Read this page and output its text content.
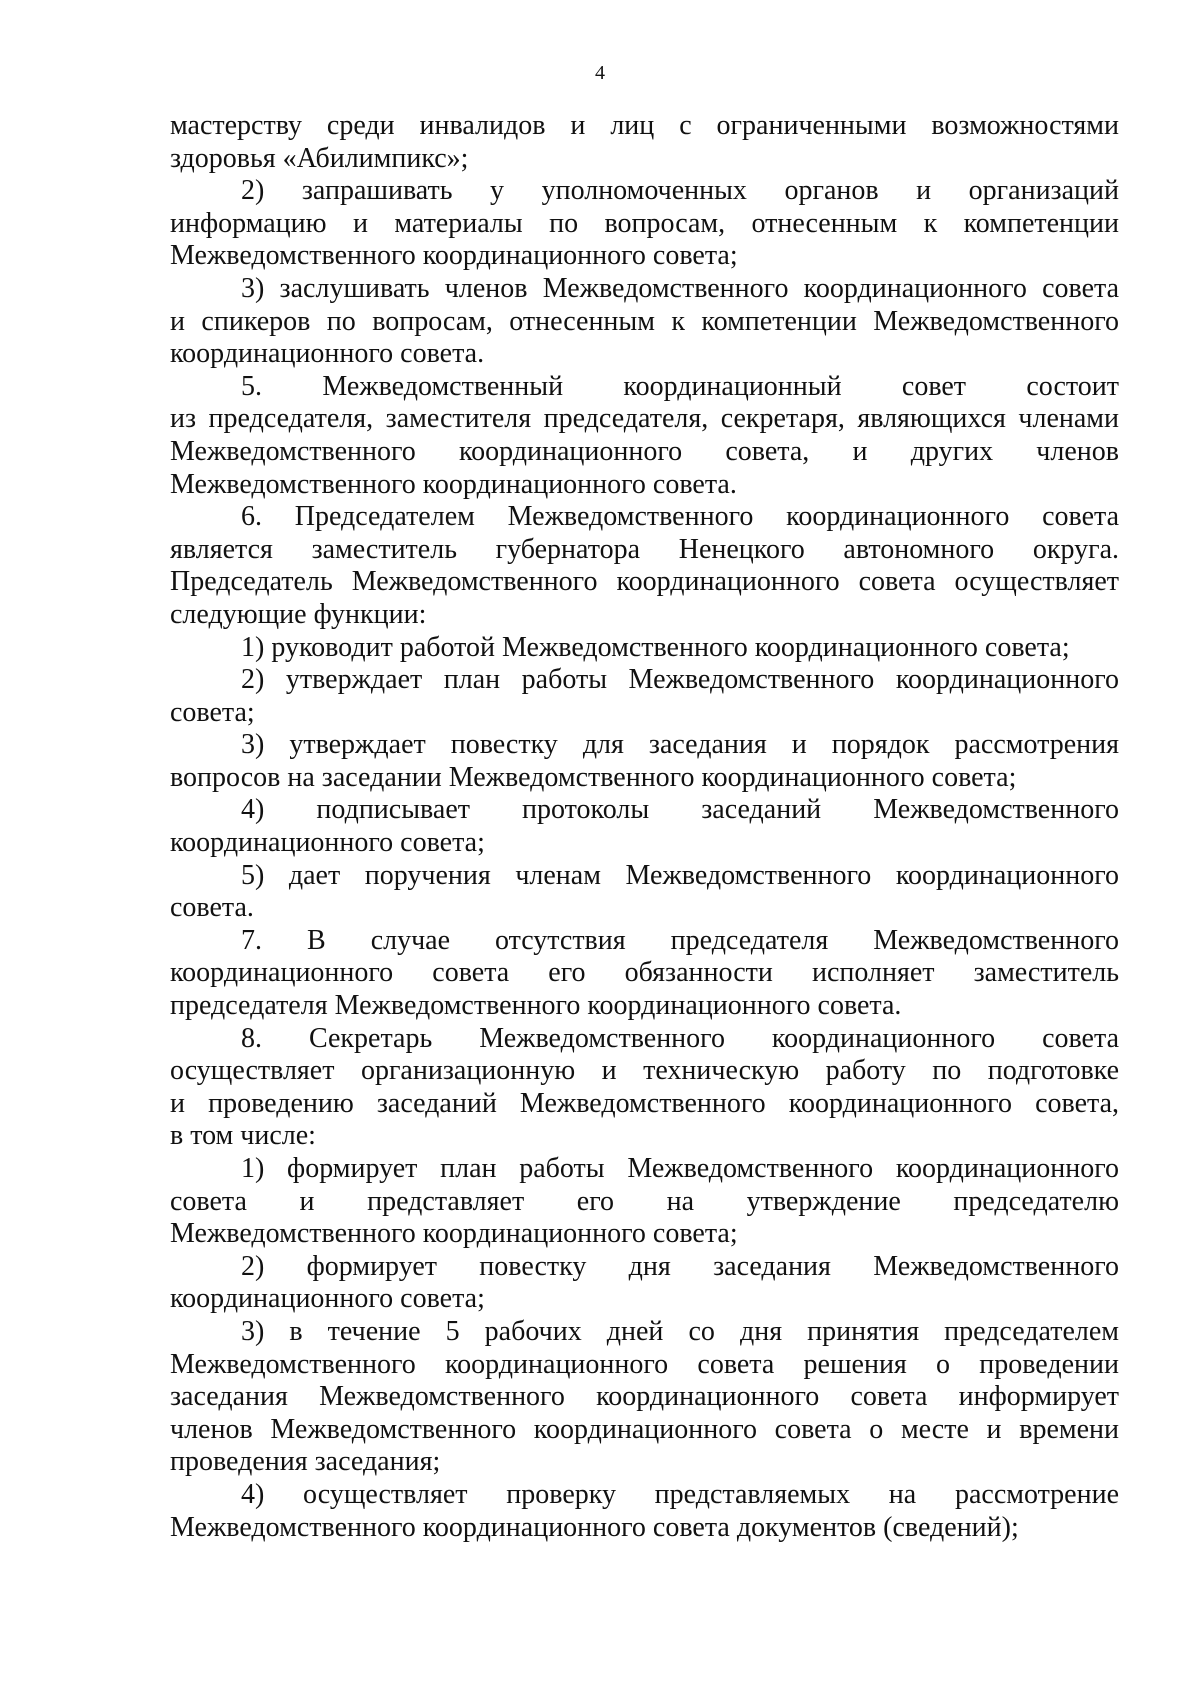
4

мастерству среди инвалидов и лиц с ограниченными возможностями

здоровья «Абилимпикс»;

2) запрашивать у уполномоченных органов и организаций

информацию и материалы по вопросам, отнесенным к компетенции

Межведомственного координационного совета;

3) заслушивать членов Межведомственного координационного совета

и спикеров по вопросам, отнесенным к компетенции Межведомственного

координационного совета.

5. Межведомственный координационный совет состоит

из председателя, заместителя председателя, секретаря, являющихся членами

Межведомственного координационного совета, и других членов

Межведомственного координационного совета.

6. Председателем Межведомственного координационного совета

является заместитель губернатора Ненецкого автономного округа.

Председатель Межведомственного координационного совета осуществляет

следующие функции:

1) руководит работой Межведомственного координационного совета;

2) утверждает план работы Межведомственного координационного

совета;

3) утверждает повестку для заседания и порядок рассмотрения

вопросов на заседании Межведомственного координационного совета;

4) подписывает протоколы заседаний Межведомственного

координационного совета;

5) дает поручения членам Межведомственного координационного

совета.

7. В случае отсутствия председателя Межведомственного

координационного совета его обязанности исполняет заместитель

председателя Межведомственного координационного совета.

8. Секретарь Межведомственного координационного совета

осуществляет организационную и техническую работу по подготовке

и проведению заседаний Межведомственного координационного совета,

в том числе:

1) формирует план работы Межведомственного координационного

совета и представляет его на утверждение председателю

Межведомственного координационного совета;

2) формирует повестку дня заседания Межведомственного

координационного совета;

3) в течение 5 рабочих дней со дня принятия председателем

Межведомственного координационного совета решения о проведении

заседания Межведомственного координационного совета информирует

членов Межведомственного координационного совета о месте и времени

проведения заседания;

4) осуществляет проверку представляемых на рассмотрение

Межведомственного координационного совета документов (сведений);
